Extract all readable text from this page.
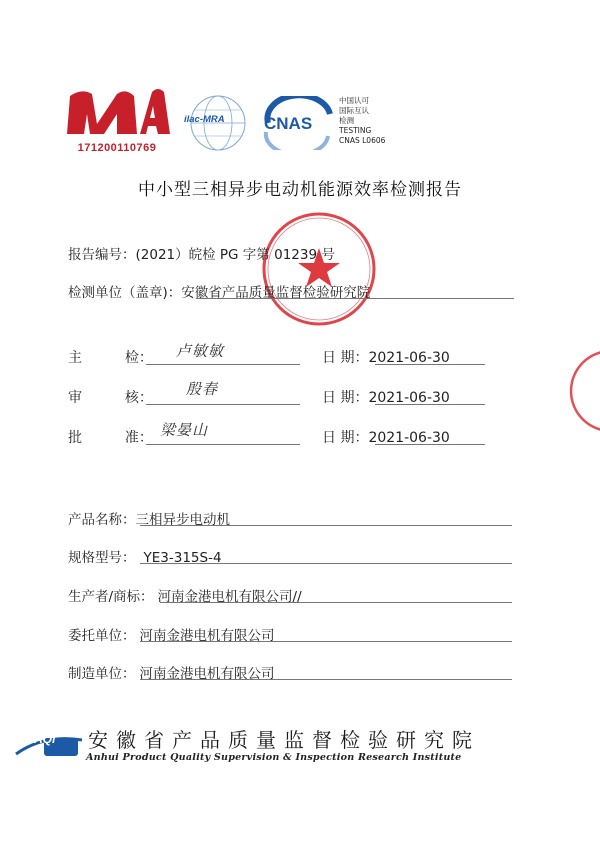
171200110769
ilac-MRA CNAS
中国认可
国际互认
检测
TESTING
CNAS L0606
中小型三相异步电动机能源效率检测报告
报告编号：(2021）皖检 PG 字第 01239 号
检测单位（盖章)：安徽省产品质量监督检验研究院
主	检： 卢敏敏	日 期：2021-06-30
审	核： 殷春	日 期：2021-06-30
批	准： 梁晏山	日 期：2021-06-30
产品名称：三相异步电动机
规格型号： YE3-315S-4
生产者/商标： 河南金港电机有限公司//
委托单位： 河南金港电机有限公司
制造单位： 河南金港电机有限公司
AQI 安徽省产品质量监督检验研究院
Anhui Product Quality Supervision & Inspection Research Institute
